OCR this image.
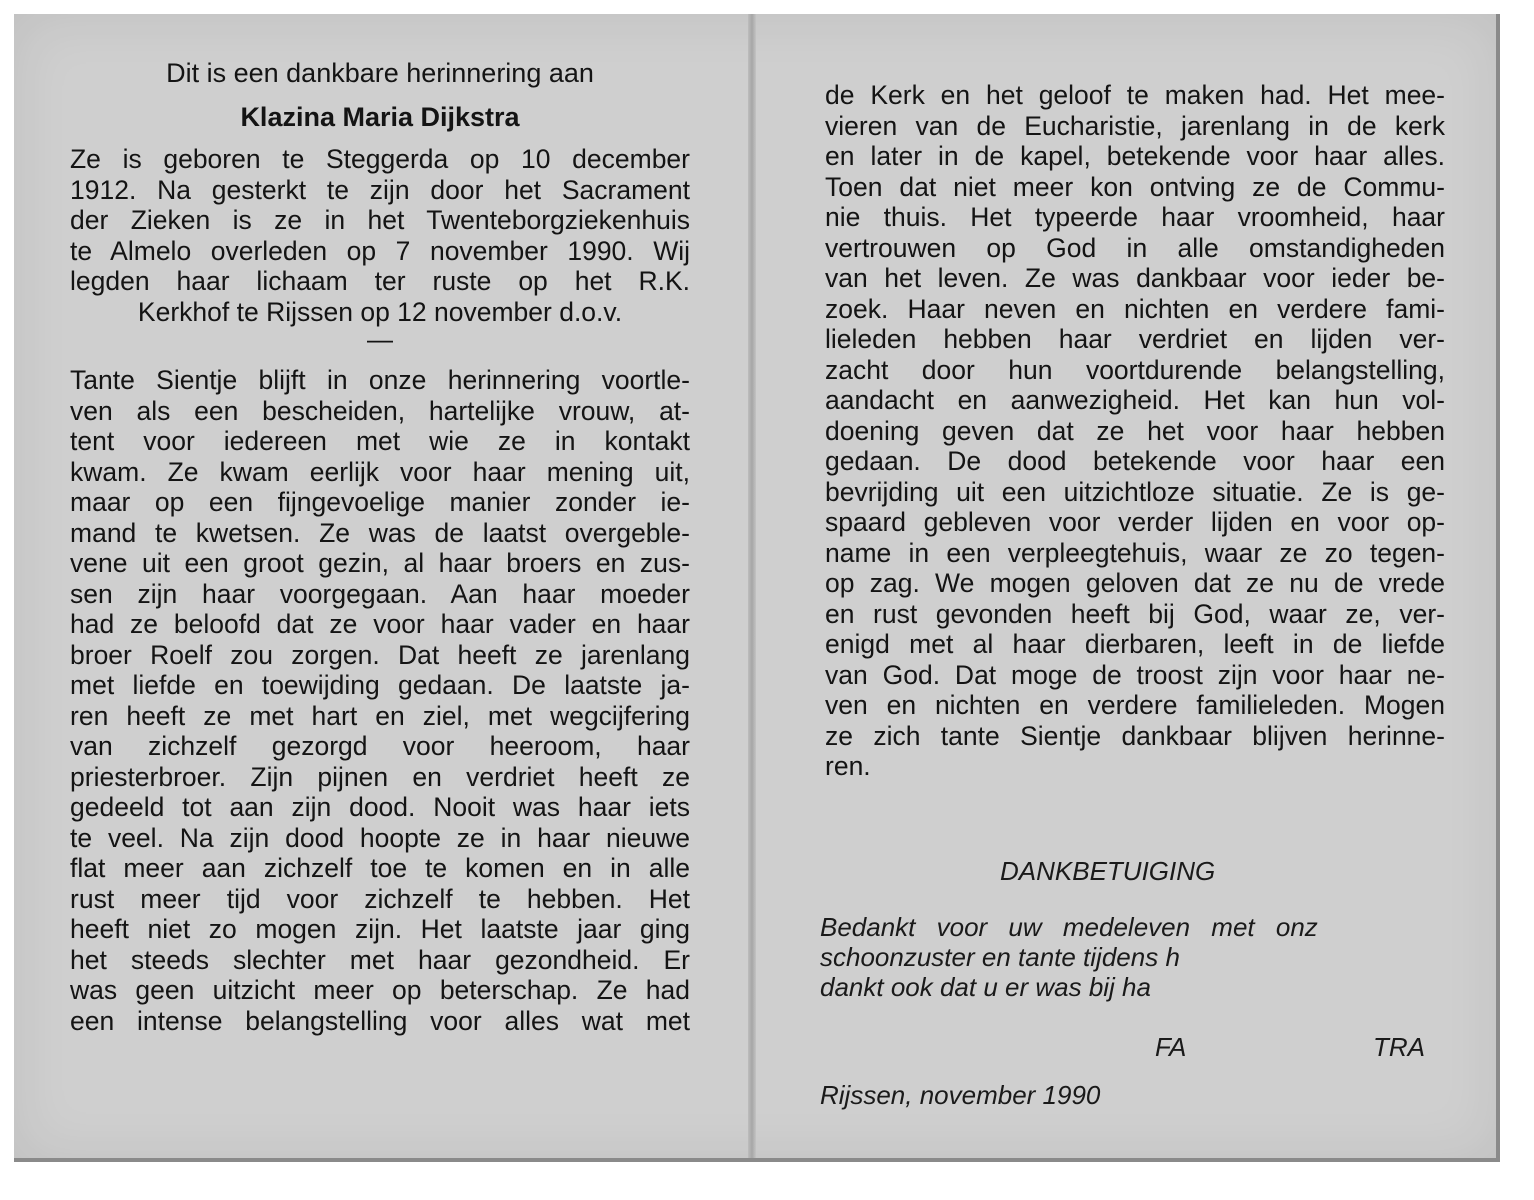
Dit is een dankbare herinnering aan

Klazina Maria Dijkstra

Ze is geboren te Steggerda op 10 december
1912. Na gesterkt te zijn door het Sacrament
der Zieken is ze in het Twenteborgziekenhuis
te Almelo overleden op 7 november 1990. Wij
legden haar lichaam ter ruste op het R.K.
Kerkhof te Rijssen op 12 november d.o.v.

—

Tante Sientje blijft in onze herinnering voortle-
ven als een bescheiden, hartelijke vrouw, at-
tent voor iedereen met wie ze in kontakt
kwam. Ze kwam eerlijk voor haar mening uit,
maar op een fijngevoelige manier zonder ie-
mand te kwetsen. Ze was de laatst overgeble-
vene uit een groot gezin, al haar broers en zus-
sen zijn haar voorgegaan. Aan haar moeder
had ze beloofd dat ze voor haar vader en haar
broer Roelf zou zorgen. Dat heeft ze jarenlang
met liefde en toewijding gedaan. De laatste ja-
ren heeft ze met hart en ziel, met wegcijfering
van zichzelf gezorgd voor heeroom, haar
priesterbroer. Zijn pijnen en verdriet heeft ze
gedeeld tot aan zijn dood. Nooit was haar iets
te veel. Na zijn dood hoopte ze in haar nieuwe
flat meer aan zichzelf toe te komen en in alle
rust meer tijd voor zichzelf te hebben. Het
heeft niet zo mogen zijn. Het laatste jaar ging
het steeds slechter met haar gezondheid. Er
was geen uitzicht meer op beterschap. Ze had
een intense belangstelling voor alles wat met

de Kerk en het geloof te maken had. Het mee-
vieren van de Eucharistie, jarenlang in de kerk
en later in de kapel, betekende voor haar alles.
Toen dat niet meer kon ontving ze de Commu-
nie thuis. Het typeerde haar vroomheid, haar
vertrouwen op God in alle omstandigheden
van het leven. Ze was dankbaar voor ieder be-
zoek. Haar neven en nichten en verdere fami-
lieleden hebben haar verdriet en lijden ver-
zacht door hun voortdurende belangstelling,
aandacht en aanwezigheid. Het kan hun vol-
doening geven dat ze het voor haar hebben
gedaan. De dood betekende voor haar een
bevrijding uit een uitzichtloze situatie. Ze is ge-
spaard gebleven voor verder lijden en voor op-
name in een verpleegtehuis, waar ze zo tegen-
op zag. We mogen geloven dat ze nu de vrede
en rust gevonden heeft bij God, waar ze, ver-
enigd met al haar dierbaren, leeft in de liefde
van God. Dat moge de troost zijn voor haar ne-
ven en nichten en verdere familieleden. Mogen
ze zich tante Sientje dankbaar blijven herinne-
ren.

DANKBETUIGING
Bedankt voor uw medeleven met onz
schoonzuster en tante tijdens h
dankt ook dat u er was bij ha
FA	TRA
Rijssen, november 1990
